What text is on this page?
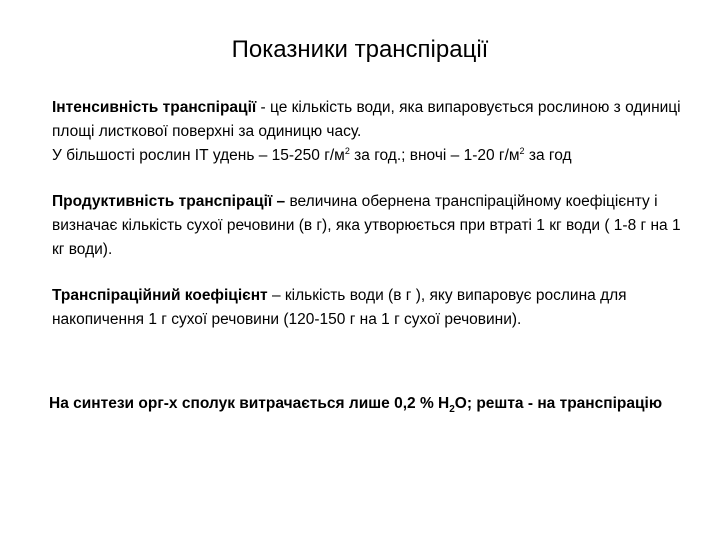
Показники транспірації

Інтенсивність транспірації - це кількість води, яка випаровується рослиною з одиниці площі листкової поверхні за одиницю часу.
У більшості рослин ІТ удень – 15-250 $г/м^2$ за год.; вночі – 1-20 $г/м^2$ за год

Продуктивність транспірації – величина обернена транспіраційному коефіцієнту і визначає кількість сухої речовини (в г), яка утворюється при втраті 1 кг води ( 1-8 г на 1 кг води).

Транспіраційний коефіцієнт – кількість води (в г ), яку випаровує рослина для накопичення 1 г сухої речовини (120-150 г на 1 г сухої речовини).

На синтези орг-х сполук витрачається лише 0,2 % $Н_2О$; решта - на транспірацію
